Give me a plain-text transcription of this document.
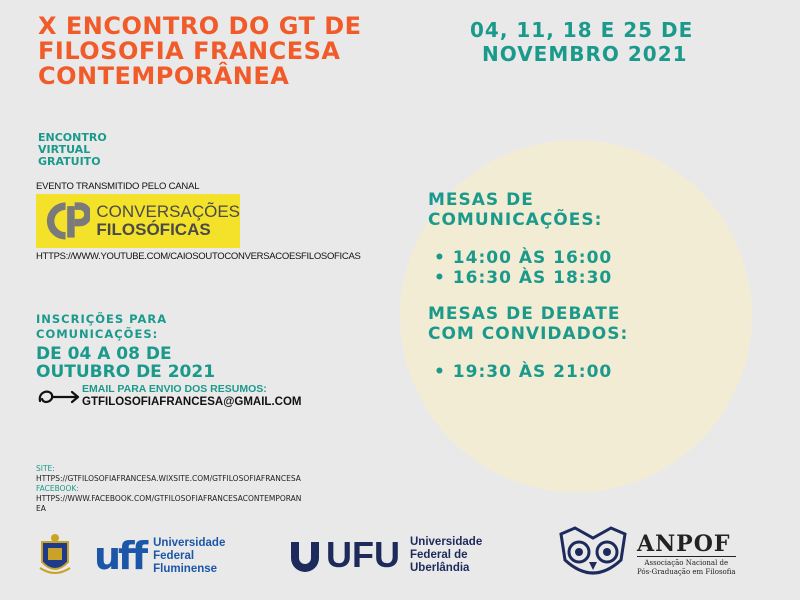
X ENCONTRO DO GT DE
FILOSOFIA FRANCESA
CONTEMPORÂNEA
04, 11, 18 E 25 DE
NOVEMBRO 2021
ENCONTRO
VIRTUAL
GRATUITO
EVENTO TRANSMITIDO PELO CANAL
CONVERSAÇÕES
FILOSÓFICAS
HTTPS://WWW.YOUTUBE.COM/CAIOSOUTOCONVERSACOESFILOSOFICAS
MESAS DE
COMUNICAÇÕES:
• 14:00 ÀS 16:00
• 16:30 ÀS 18:30
MESAS DE DEBATE
COM CONVIDADOS:
• 19:30 ÀS 21:00
INSCRIÇÕES PARA
COMUNICAÇÕES:
DE 04 A 08 DE
OUTUBRO DE 2021
EMAIL PARA ENVIO DOS RESUMOS:
GTFILOSOFIAFRANCESA@GMAIL.COM
SITE:
HTTPS://GTFILOSOFIAFRANCESA.WIXSITE.COM/GTFILOSOFIAFRANCESA
FACEBOOK:
HTTPS://WWW.FACEBOOK.COM/GTFILOSOFIAFRANCESACONTEMPORANEA
uff Universidade
Federal
Fluminense	UFU Universidade
Federal de
Uberlândia
ANPOF
Associação Nacional de
Pós-Graduação em Filosofia
